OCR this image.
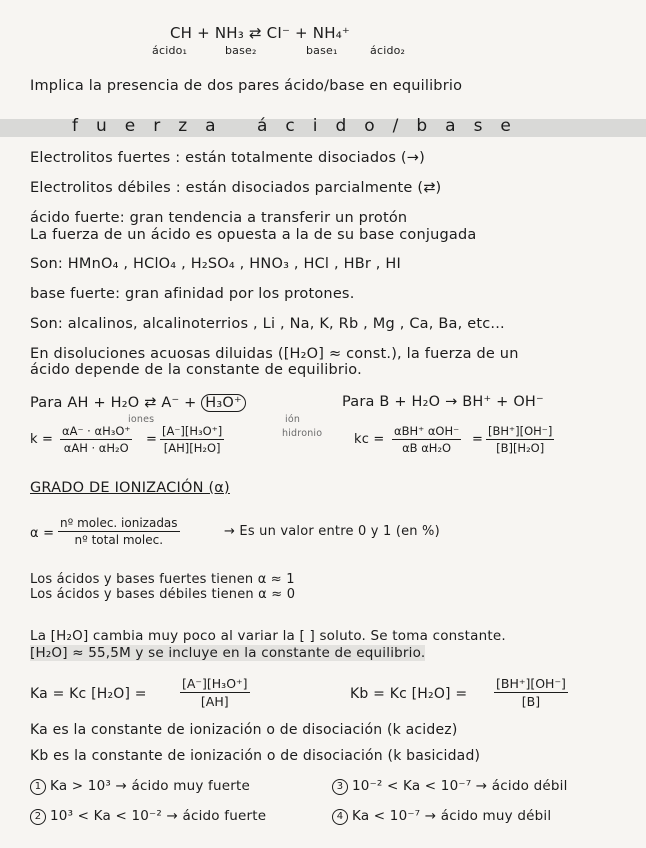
CH + NH₃ ⇄ CI⁻ + NH₄⁺
ácido₁	base₂	base₁	ácido₂
Implica la presencia de dos pares ácido/base en equilibrio
fuerza ácido/base
Electrolitos fuertes : están totalmente disociados (→)
Electrolitos débiles : están disociados parcialmente (⇄)
ácido fuerte: gran tendencia a transferir un protón
La fuerza de un ácido es opuesta a la de su base conjugada
Son: HMnO₄ , HClO₄ , H₂SO₄ , HNO₃ , HCl , HBr , HI
base fuerte: gran afinidad por los protones.
Son: alcalinos, alcalinoterrios , Li , Na, K, Rb , Mg , Ca, Ba, etc...
En disoluciones acuosas diluidas ([H₂O] ≈ const.), la fuerza de un
ácido depende de la constante de equilibrio.
Para AH + H₂O ⇄ A⁻ + H₃O⁺	Para B + H₂O → BH⁺ + OH⁻
iones	ión
hidronio
k =
αA⁻ · αH₃O⁺
αAH · αH₂O
= $\frac{\text{[A⁻][H₃O⁺]}}{\text{[AH][H₂O]}}$	kc =
αBH⁺ αOH⁻
αB αH₂O
= $\frac{[BH^+][OH^-]}{\text{[B][H₂O]}}$
GRADO DE IONIZACIÓN (α)
α =
nº molec. ionizadas
nº total molec.
→ Es un valor entre 0 y 1 (en %)
Los ácidos y bases fuertes tienen α ≈ 1
Los ácidos y bases débiles tienen α ≈ 0
La [H₂O] cambia muy poco al variar la [ ] soluto. Se toma constante.
[H₂O] ≈ 55,5M y se incluye en la constante de equilibrio.
Ka = Kc [H₂O] =	$\frac{\text{[A⁻][H₃O⁺]}}{[AH]}$	Kb = Kc $[H_2O] = \frac{[BH^+][OH^-]}{[B]}$
Ka es la constante de ionización o de disociación (k acidez)
Kb es la constante de ionización o de disociación (k basicidad)
1 Ka > 10³ → ácido muy fuerte
2 10³ < Ka < 10⁻² → ácido fuerte
3 10⁻² < Ka < 10⁻⁷ → ácido débil
4 Ka < 10⁻⁷ → ácido muy débil
